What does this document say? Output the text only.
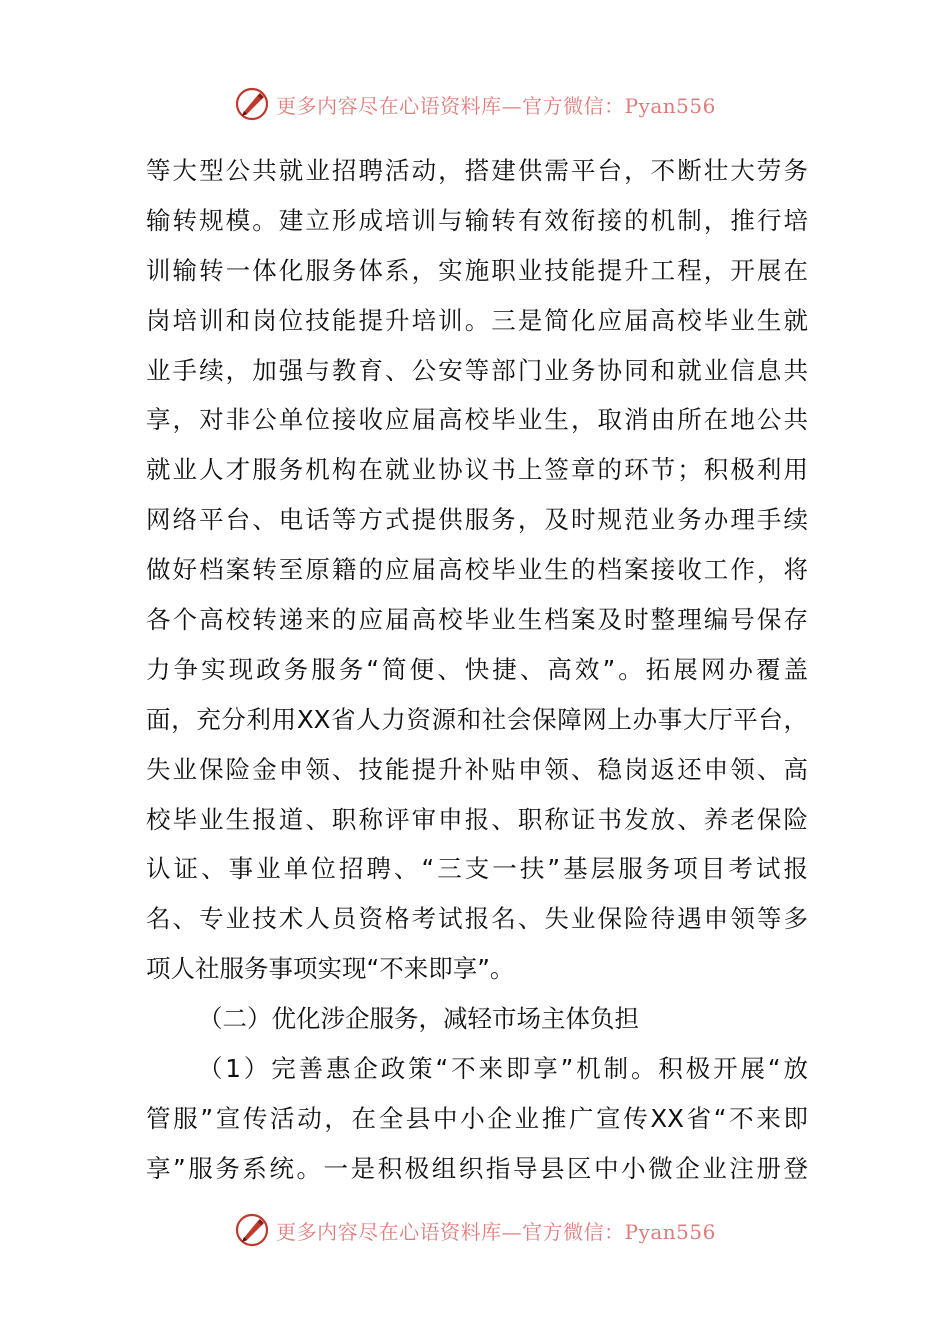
更多内容尽在心语资料库—官方微信：Pyan556
等大型公共就业招聘活动，搭建供需平台，不断壮大劳务
输转规模。建立形成培训与输转有效衔接的机制，推行培
训输转一体化服务体系，实施职业技能提升工程，开展在
岗培训和岗位技能提升培训。三是简化应届高校毕业生就
业手续，加强与教育、公安等部门业务协同和就业信息共
享，对非公单位接收应届高校毕业生，取消由所在地公共
就业人才服务机构在就业协议书上签章的环节；积极利用
网络平台、电话等方式提供服务，及时规范业务办理手续
做好档案转至原籍的应届高校毕业生的档案接收工作，将
各个高校转递来的应届高校毕业生档案及时整理编号保存
力争实现政务服务“简便、快捷、高效”。拓展网办覆盖
面，充分利用XX省人力资源和社会保障网上办事大厅平台，
失业保险金申领、技能提升补贴申领、稳岗返还申领、高
校毕业生报道、职称评审申报、职称证书发放、养老保险
认证、事业单位招聘、“三支一扶”基层服务项目考试报
名、专业技术人员资格考试报名、失业保险待遇申领等多
项人社服务事项实现“不来即享”。
（二）优化涉企服务，减轻市场主体负担
（1）完善惠企政策“不来即享”机制。积极开展“放
管服”宣传活动，在全县中小企业推广宣传XX省“不来即
享”服务系统。一是积极组织指导县区中小微企业注册登
更多内容尽在心语资料库—官方微信：Pyan556
